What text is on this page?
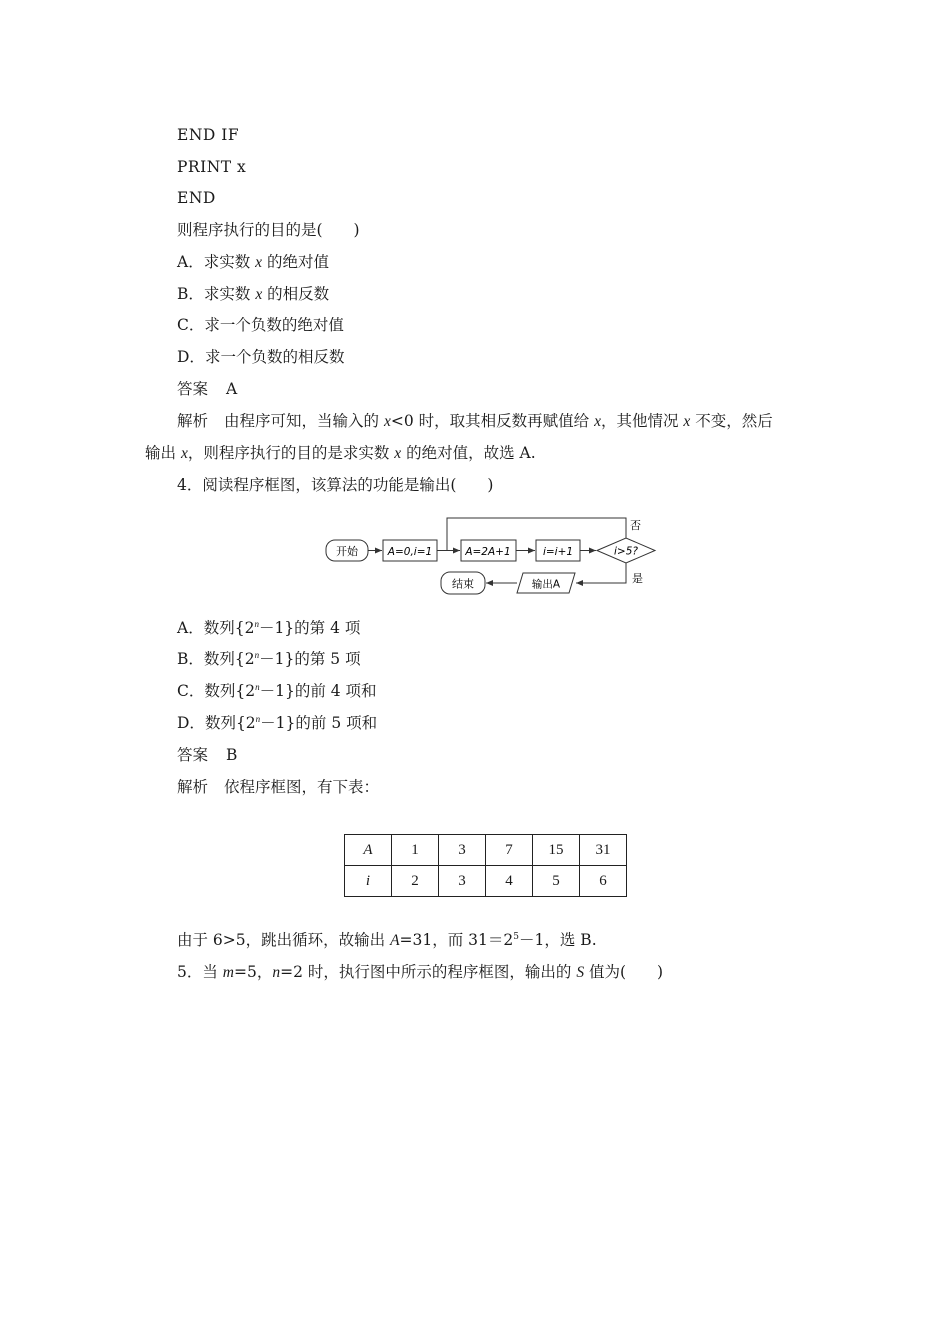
END IF
PRINT x
END
则程序执行的目的是(　　)
A．求实数 x 的绝对值
B．求实数 x 的相反数
C．求一个负数的绝对值
D．求一个负数的相反数
答案 A
解析 由程序可知，当输入的 x<0 时，取其相反数再赋值给 x，其他情况 x 不变，然后
输出 x，则程序执行的目的是求实数 x 的绝对值，故选 A.
4．阅读程序框图，该算法的功能是输出(　　)
开始	A=0,i=1	A=2A+1	i=i+1	i>5?
否
是
输出A
结束
A．数列$\{2^n-1\}$的第 4 项
B．数列$\{2^n-1\}$的第 5 项
C．数列$\{2^n-1\}$的前 4 项和
D．数列$\{2^n-1\}$的前 5 项和
答案 B
解析 依程序框图，有下表：
A	1	3	7	15	31
i	2	3	4	5	6
由于 6>5，跳出循环，故输出 A=31，而 $31=2^5-1$，选 B.
5．当 m=5，n=2 时，执行图中所示的程序框图，输出的 S 值为(　　)
